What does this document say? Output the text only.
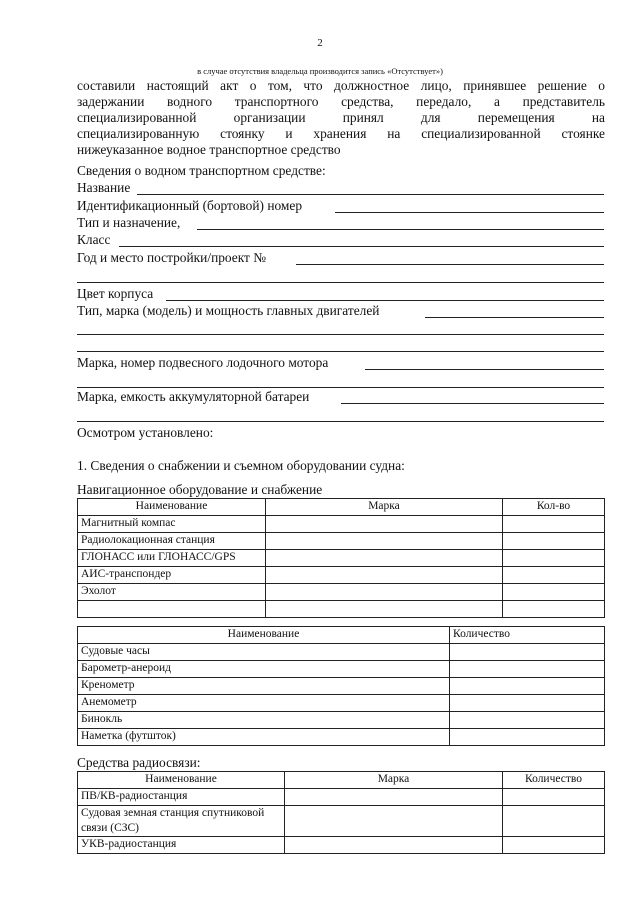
2
в случае отсутствия владельца производится запись «Отсутствует»)
составили настоящий акт о том, что должностное лицо, принявшее решение о
задержании водного транспортного средства, передало, а представитель
специализированной организации принял для перемещения на
специализированную стоянку и хранения на специализированной стоянке
нижеуказанное водное транспортное средство
Сведения о водном транспортном средстве:
Название
Идентификационный (бортовой) номер
Тип и назначение,
Класс
Год и место постройки/проект №
Цвет корпуса
Тип, марка (модель) и мощность главных двигателей
Марка, номер подвесного лодочного мотора
Марка, емкость аккумуляторной батареи
Осмотром установлено:
1. Сведения о снабжении и съемном оборудовании судна:
Навигационное оборудование и снабжение
Наименование	Марка	Кол-во
Магнитный компас		
Радиолокационная станция		
ГЛОНАСС или ГЛОНАСС/GPS		
АИС-транспондер		
Эхолот		

Наименование	Количество
Судовые часы	
Барометр-анероид	
Кренометр	
Анемометр	
Бинокль	
Наметка (футшток)	
Средства радиосвязи:
Наименование	Марка	Количество
ПВ/КВ-радиостанция		
Судовая земная станция спутниковой связи (СЗС)		
УКВ-радиостанция		
